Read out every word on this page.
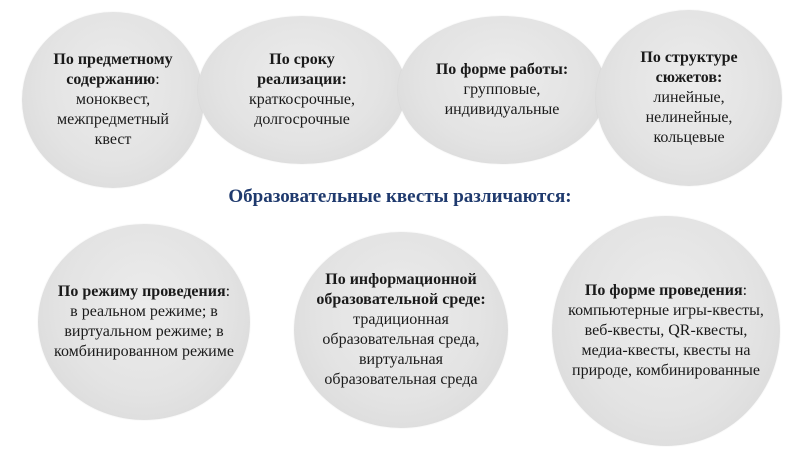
По предметному содержанию:
моноквест, межпредметный квест
По сроку реализации:
краткосрочные, долгосрочные
По форме работы:
групповые, индивидуальные
По структуре сюжетов:
линейные, нелинейные, кольцевые
Образовательные квесты различаются:
По режиму проведения:
в реальном режиме; в виртуальном режиме; в комбинированном режиме
По информационной образовательной среде: традиционная образовательная среда, виртуальная образовательная среда
По форме проведения:
компьютерные игры-квесты, веб-квесты, QR-квесты, медиа-квесты, квесты на природе, комбинированные
